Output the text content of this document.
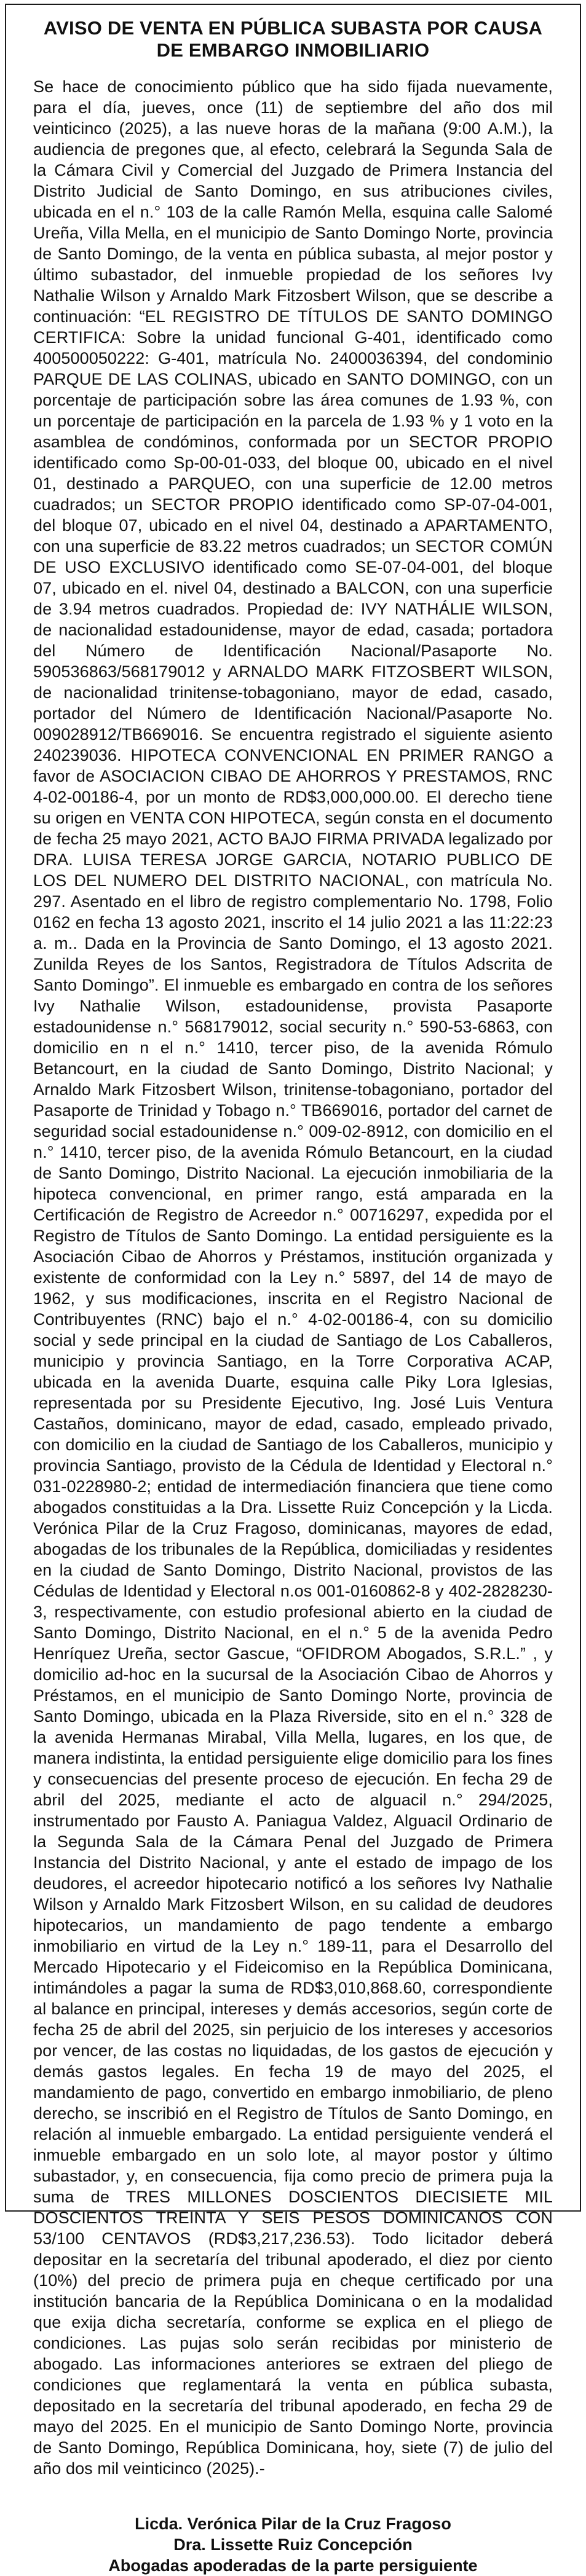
AVISO DE VENTA EN PÚBLICA SUBASTA POR CAUSA DE EMBARGO INMOBILIARIO

Se hace de conocimiento público que ha sido fijada nuevamente, para el día, jueves, once (11) de septiembre del año dos mil veinticinco (2025), a las nueve horas de la mañana (9:00 A.M.), la audiencia de pregones que, al efecto, celebrará la Segunda Sala de la Cámara Civil y Comercial del Juzgado de Primera Instancia del Distrito Judicial de Santo Domingo, en sus atribuciones civiles, ubicada en el n.° 103 de la calle Ramón Mella, esquina calle Salomé Ureña, Villa Mella, en el municipio de Santo Domingo Norte, provincia de Santo Domingo, de la venta en pública subasta, al mejor postor y último subastador, del inmueble propiedad de los señores Ivy Nathalie Wilson y Arnaldo Mark Fitzosbert Wilson, que se describe a continuación: “EL REGISTRO DE TÍTULOS DE SANTO DOMINGO CERTIFICA: Sobre la unidad funcional G-401, identificado como 400500050222: G-401, matrícula No. 2400036394, del condominio PARQUE DE LAS COLINAS, ubicado en SANTO DOMINGO, con un porcentaje de participación sobre las área comunes de 1.93 %, con un porcentaje de participación en la parcela de 1.93 % y 1 voto en la asamblea de condóminos, conformada por un SECTOR PROPIO identificado como Sp-00-01-033, del bloque 00, ubicado en el nivel 01, destinado a PARQUEO, con una superficie de 12.00 metros cuadrados; un SECTOR PROPIO identificado como SP-07-04-001, del bloque 07, ubicado en el nivel 04, destinado a APARTAMENTO, con una superficie de 83.22 metros cuadrados; un SECTOR COMÚN DE USO EXCLUSIVO identificado como SE-07-04-001, del bloque 07, ubicado en el. nivel 04, destinado a BALCON, con una superficie de 3.94 metros cuadrados. Propiedad de: IVY NATHÁLIE WILSON, de nacionalidad estadounidense, mayor de edad, casada; portadora del Número de Identificación Nacional/Pasaporte No. 590536863/568179012 y ARNALDO MARK FITZOSBERT WILSON, de nacionalidad trinitense-tobagoniano, mayor de edad, casado, portador del Número de Identificación Nacional/Pasaporte No. 009028912/TB669016. Se encuentra registrado el siguiente asiento 240239036. HIPOTECA CONVENCIONAL EN PRIMER RANGO a favor de ASOCIACION CIBAO DE AHORROS Y PRESTAMOS, RNC 4-02-00186-4, por un monto de RD$3,000,000.00. El derecho tiene su origen en VENTA CON HIPOTECA, según consta en el documento de fecha 25 mayo 2021, ACTO BAJO FIRMA PRIVADA legalizado por DRA. LUISA TERESA JORGE GARCIA, NOTARIO PUBLICO DE LOS DEL NUMERO DEL DISTRITO NACIONAL, con matrícula No. 297. Asentado en el libro de registro complementario No. 1798, Folio 0162 en fecha 13 agosto 2021, inscrito el 14 julio 2021 a las 11:22:23 a. m.. Dada en la Provincia de Santo Domingo, el 13 agosto 2021. Zunilda Reyes de los Santos, Registradora de Títulos Adscrita de Santo Domingo”. El inmueble es embargado en contra de los señores Ivy Nathalie Wilson, estadounidense, provista Pasaporte estadounidense n.° 568179012, social security n.° 590-53-6863, con domicilio en n el n.° 1410, tercer piso, de la avenida Rómulo Betancourt, en la ciudad de Santo Domingo, Distrito Nacional; y Arnaldo Mark Fitzosbert Wilson, trinitense-tobagoniano, portador del Pasaporte de Trinidad y Tobago n.° TB669016, portador del carnet de seguridad social estadounidense n.° 009-02-8912, con domicilio en el n.° 1410, tercer piso, de la avenida Rómulo Betancourt, en la ciudad de Santo Domingo, Distrito Nacional. La ejecución inmobiliaria de la hipoteca convencional, en primer rango, está amparada en la Certificación de Registro de Acreedor n.° 00716297, expedida por el Registro de Títulos de Santo Domingo. La entidad persiguiente es la Asociación Cibao de Ahorros y Préstamos, institución organizada y existente de conformidad con la Ley n.° 5897, del 14 de mayo de 1962, y sus modificaciones, inscrita en el Registro Nacional de Contribuyentes (RNC) bajo el n.° 4-02-00186-4, con su domicilio social y sede principal en la ciudad de Santiago de Los Caballeros, municipio y provincia Santiago, en la Torre Corporativa ACAP, ubicada en la avenida Duarte, esquina calle Piky Lora Iglesias, representada por su Presidente Ejecutivo, Ing. José Luis Ventura Castaños, dominicano, mayor de edad, casado, empleado privado, con domicilio en la ciudad de Santiago de los Caballeros, municipio y provincia Santiago, provisto de la Cédula de Identidad y Electoral n.° 031-0228980-2; entidad de intermediación financiera que tiene como abogados constituidas a la Dra. Lissette Ruiz Concepción y la Licda. Verónica Pilar de la Cruz Fragoso, dominicanas, mayores de edad, abogadas de los tribunales de la República, domiciliadas y residentes en la ciudad de Santo Domingo, Distrito Nacional, provistos de las Cédulas de Identidad y Electoral n.os 001-0160862-8 y 402-2828230-3, respectivamente, con estudio profesional abierto en la ciudad de Santo Domingo, Distrito Nacional, en el n.° 5 de la avenida Pedro Henríquez Ureña, sector Gascue, “OFIDROM Abogados, S.R.L.” , y domicilio ad-hoc en la sucursal de la Asociación Cibao de Ahorros y Préstamos, en el municipio de Santo Domingo Norte, provincia de Santo Domingo, ubicada en la Plaza Riverside, sito en el n.° 328 de la avenida Hermanas Mirabal, Villa Mella, lugares, en los que, de manera indistinta, la entidad persiguiente elige domicilio para los fines y consecuencias del presente proceso de ejecución. En fecha 29 de abril del 2025, mediante el acto de alguacil n.° 294/2025, instrumentado por Fausto A. Paniagua Valdez, Alguacil Ordinario de la Segunda Sala de la Cámara Penal del Juzgado de Primera Instancia del Distrito Nacional, y ante el estado de impago de los deudores, el acreedor hipotecario notificó a los señores Ivy Nathalie Wilson y Arnaldo Mark Fitzosbert Wilson, en su calidad de deudores hipotecarios, un mandamiento de pago tendente a embargo inmobiliario en virtud de la Ley n.° 189-11, para el Desarrollo del Mercado Hipotecario y el Fideicomiso en la República Dominicana, intimándoles a pagar la suma de RD$3,010,868.60, correspondiente al balance en principal, intereses y demás accesorios, según corte de fecha 25 de abril del 2025, sin perjuicio de los intereses y accesorios por vencer, de las costas no liquidadas, de los gastos de ejecución y demás gastos legales. En fecha 19 de mayo del 2025, el mandamiento de pago, convertido en embargo inmobiliario, de pleno derecho, se inscribió en el Registro de Títulos de Santo Domingo, en relación al inmueble embargado. La entidad persiguiente venderá el inmueble embargado en un solo lote, al mayor postor y último subastador, y, en consecuencia, fija como precio de primera puja la suma de TRES MILLONES DOSCIENTOS DIECISIETE MIL DOSCIENTOS TREINTA Y SEIS PESOS DOMINICANOS CON 53/100 CENTAVOS (RD$3,217,236.53). Todo licitador deberá depositar en la secretaría del tribunal apoderado, el diez por ciento (10%) del precio de primera puja en cheque certificado por una institución bancaria de la República Dominicana o en la modalidad que exija dicha secretaría, conforme se explica en el pliego de condiciones. Las pujas solo serán recibidas por ministerio de abogado. Las informaciones anteriores se extraen del pliego de condiciones que reglamentará la venta en pública subasta, depositado en la secretaría del tribunal apoderado, en fecha 29 de mayo del 2025. En el municipio de Santo Domingo Norte, provincia de Santo Domingo, República Dominicana, hoy, siete (7) de julio del año dos mil veinticinco (2025).-

Licda. Verónica Pilar de la Cruz Fragoso
Dra. Lissette Ruiz Concepción
Abogadas apoderadas de la parte persiguiente
